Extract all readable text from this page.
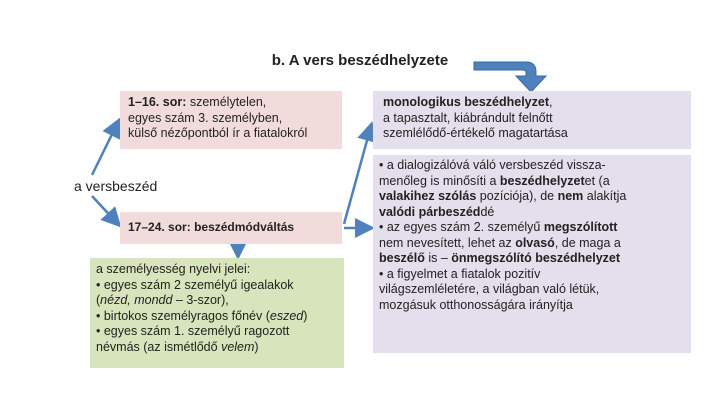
b. A vers beszédhelyzete
a versbeszéd
1–16. sor: személytelen,
egyes szám 3. személyben,
külső nézőpontból ír a fiatalokról
monologikus beszédhelyzet,
a tapasztalt, kiábrándult felnőtt
szemlélődő-értékelő magatartása
17–24. sor: beszédmódváltás
a személyesség nyelvi jelei:
• egyes szám 2 személyű igealakok
(nézd, mondd – 3-szor),
• birtokos személyragos főnév (eszed)
• egyes szám 1. személyű ragozott
névmás (az ismétlődő velem)
• a dialogizálóvá váló versbeszéd vissza-
menőleg is minősíti a beszédhelyzetet (a
valakihez szólás pozíciója), de nem alakítja
valódi párbeszéddé
• az egyes szám 2. személyű megszólított
nem nevesített, lehet az olvasó, de maga a
beszélő is – önmegszólító beszédhelyzet
• a figyelmet a fiatalok pozitív
világszemléletére, a világban való létük,
mozgásuk otthonosságára irányítja
